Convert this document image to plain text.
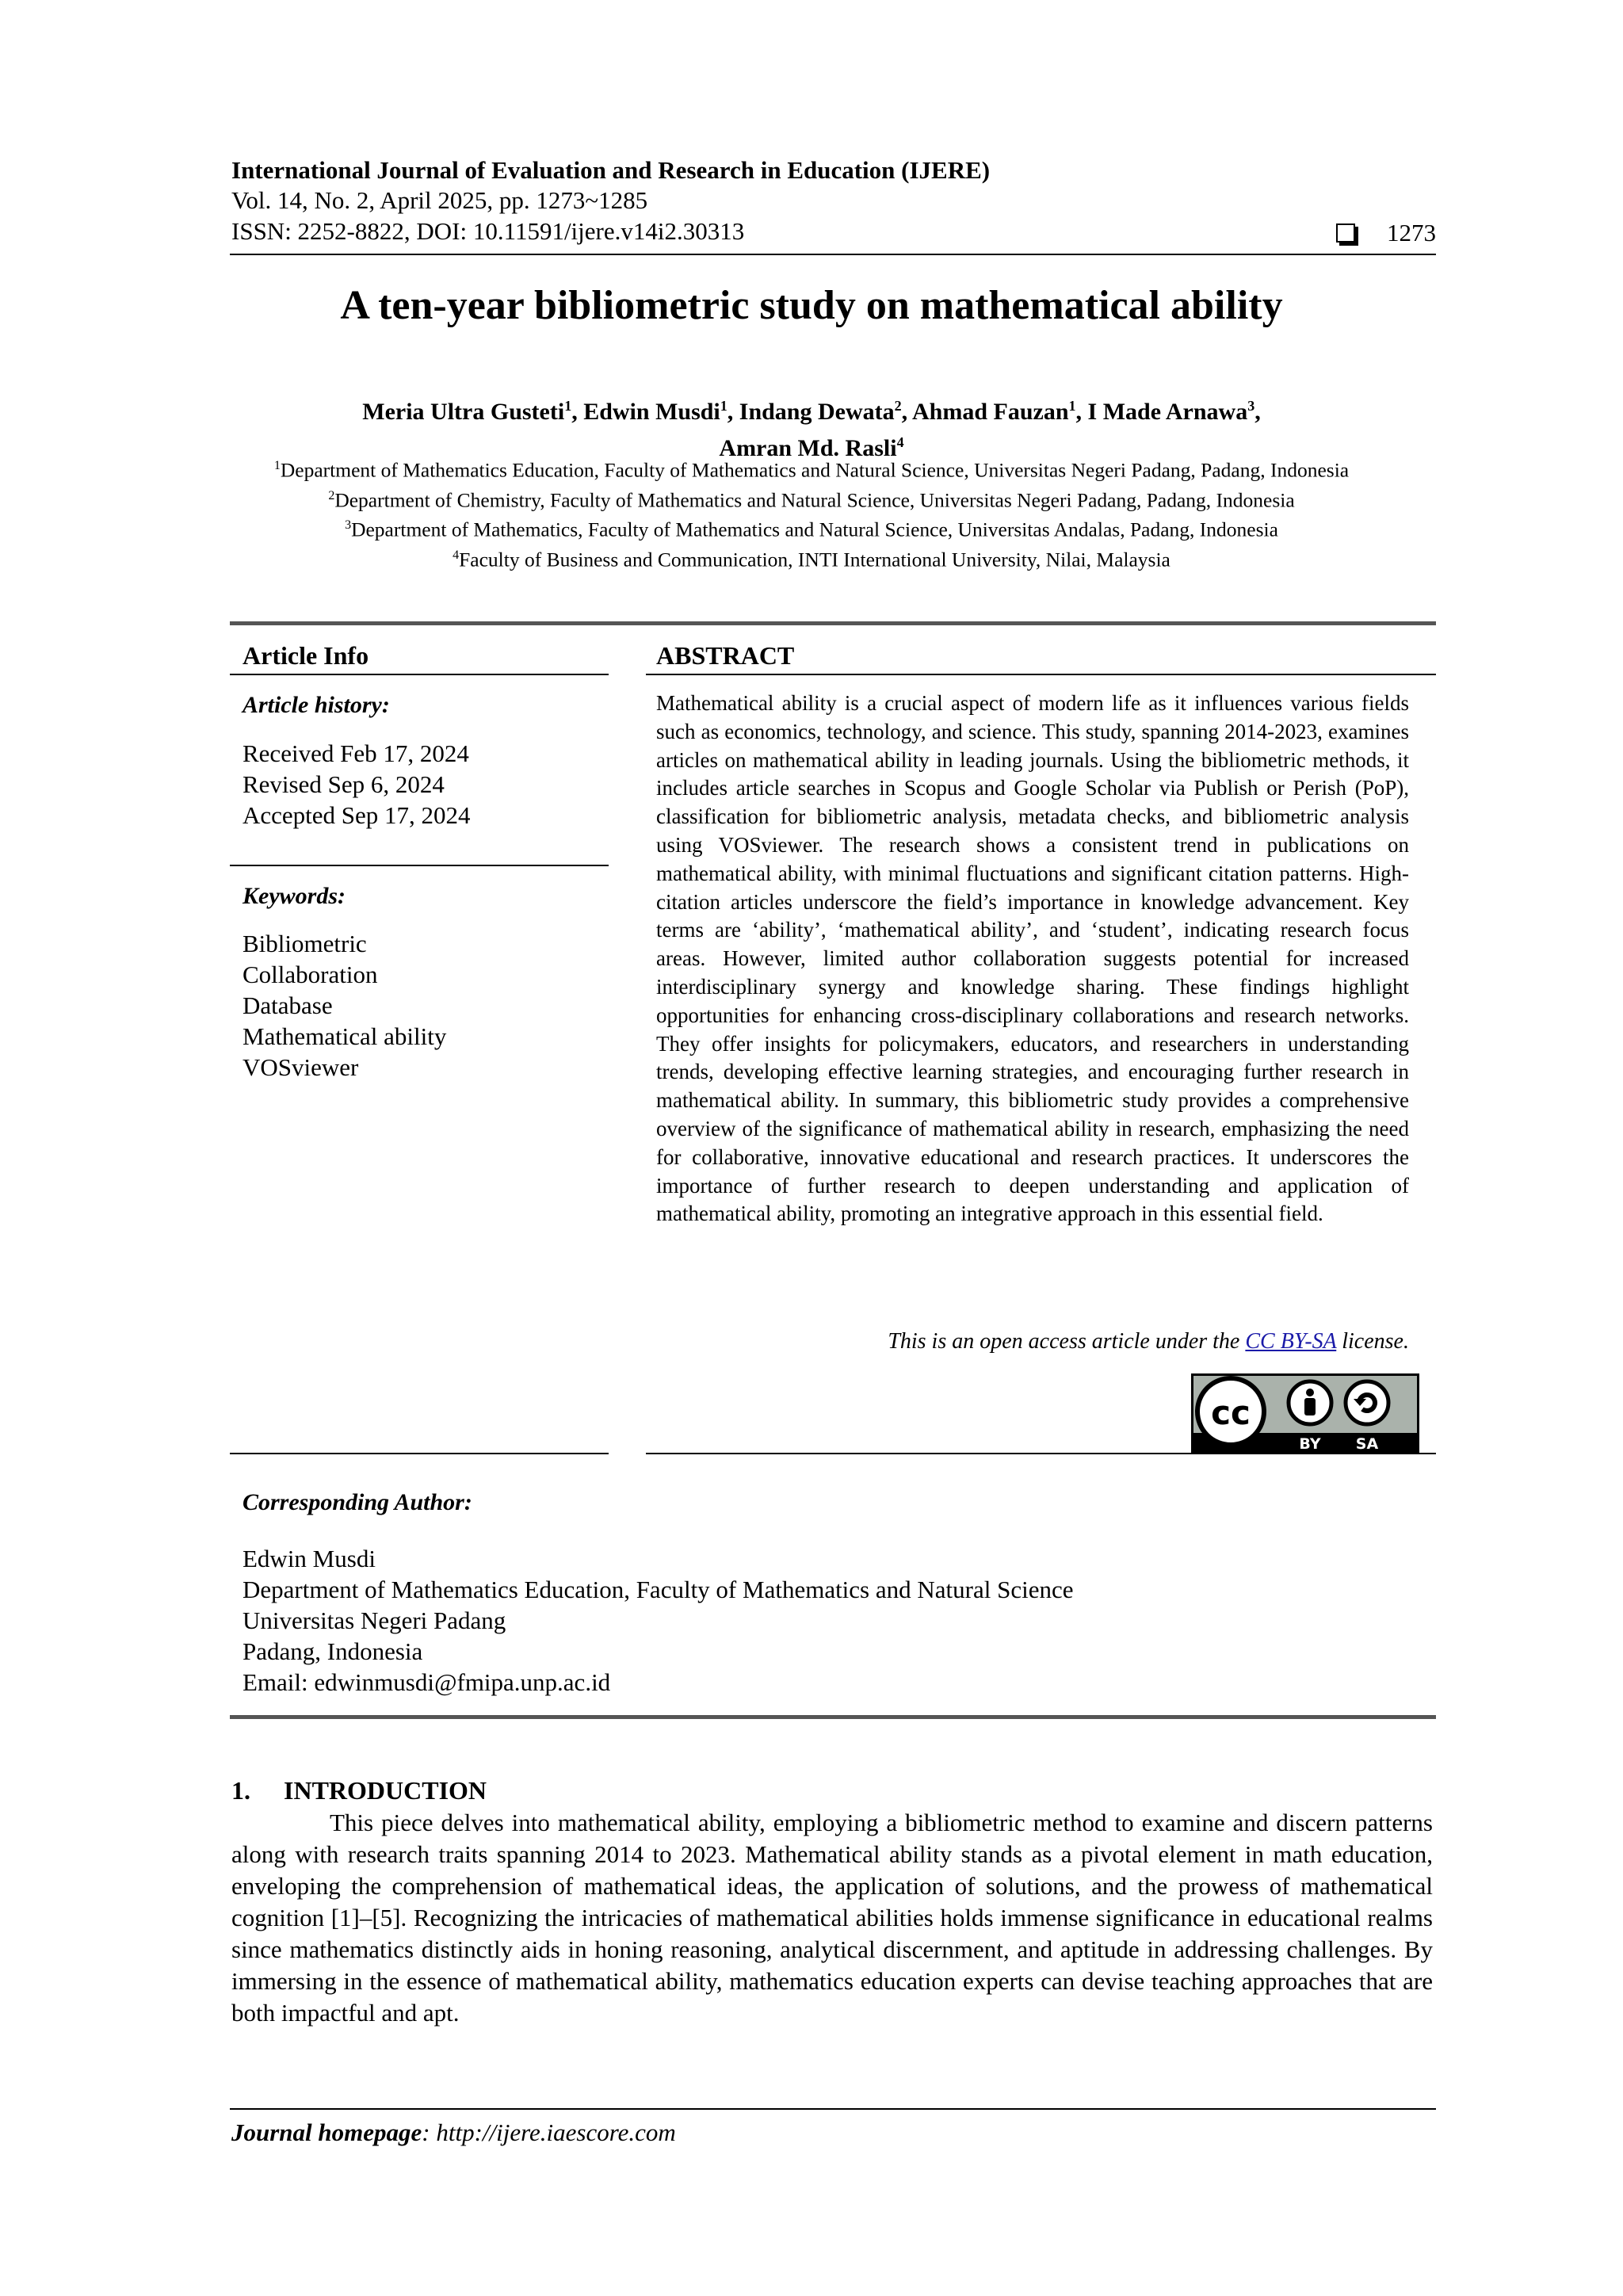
International Journal of Evaluation and Research in Education (IJERE)
Vol. 14, No. 2, April 2025, pp. 1273~1285
ISSN: 2252-8822, DOI: 10.11591/ijere.v14i2.30313	1273
A ten-year bibliometric study on mathematical ability
Meria Ultra Gusteti$^1$, Edwin Musdi$^1$, Indang Dewata$^2$, Ahmad Fauzan$^1$, I Made Arnawa$^3$,
Amran Md. Rasli$^4$
$^1$Department of Mathematics Education, Faculty of Mathematics and Natural Science, Universitas Negeri Padang, Padang, Indonesia
$^2$Department of Chemistry, Faculty of Mathematics and Natural Science, Universitas Negeri Padang, Padang, Indonesia
$^3$Department of Mathematics, Faculty of Mathematics and Natural Science, Universitas Andalas, Padang, Indonesia
$^4$Faculty of Business and Communication, INTI International University, Nilai, Malaysia
Article Info
Article history:
Received Feb 17, 2024
Revised Sep 6, 2024
Accepted Sep 17, 2024
Keywords:
Bibliometric
Collaboration
Database
Mathematical ability
VOSviewer
ABSTRACT
Mathematical ability is a crucial aspect of modern life as it influences various fields such as economics, technology, and science. This study, spanning 2014-2023, examines articles on mathematical ability in leading journals. Using the bibliometric methods, it includes article searches in Scopus and Google Scholar via Publish or Perish (PoP), classification for bibliometric analysis, metadata checks, and bibliometric analysis using VOSviewer. The research shows a consistent trend in publications on mathematical ability, with minimal fluctuations and significant citation patterns. High-citation articles underscore the field’s importance in knowledge advancement. Key terms are ‘ability’, ‘mathematical ability’, and ‘student’, indicating research focus areas. However, limited author collaboration suggests potential for increased interdisciplinary synergy and knowledge sharing. These findings highlight opportunities for enhancing cross-disciplinary collaborations and research networks. They offer insights for policymakers, educators, and researchers in understanding trends, developing effective learning strategies, and encouraging further research in mathematical ability. In summary, this bibliometric study provides a comprehensive overview of the significance of mathematical ability in research, emphasizing the need for collaborative, innovative educational and research practices. It underscores the importance of further research to deepen understanding and application of mathematical ability, promoting an integrative approach in this essential field.
This is an open access article under the CC BY-SA license.
cc
BY SA
Corresponding Author:
Edwin Musdi
Department of Mathematics Education, Faculty of Mathematics and Natural Science
Universitas Negeri Padang
Padang, Indonesia
Email: edwinmusdi@fmipa.unp.ac.id
1. INTRODUCTION
This piece delves into mathematical ability, employing a bibliometric method to examine and discern patterns along with research traits spanning 2014 to 2023. Mathematical ability stands as a pivotal element in math education, enveloping the comprehension of mathematical ideas, the application of solutions, and the prowess of mathematical cognition [1]–[5]. Recognizing the intricacies of mathematical abilities holds immense significance in educational realms since mathematics distinctly aids in honing reasoning, analytical discernment, and aptitude in addressing challenges. By immersing in the essence of mathematical ability, mathematics education experts can devise teaching approaches that are both impactful and apt.
Journal homepage: http://ijere.iaescore.com
